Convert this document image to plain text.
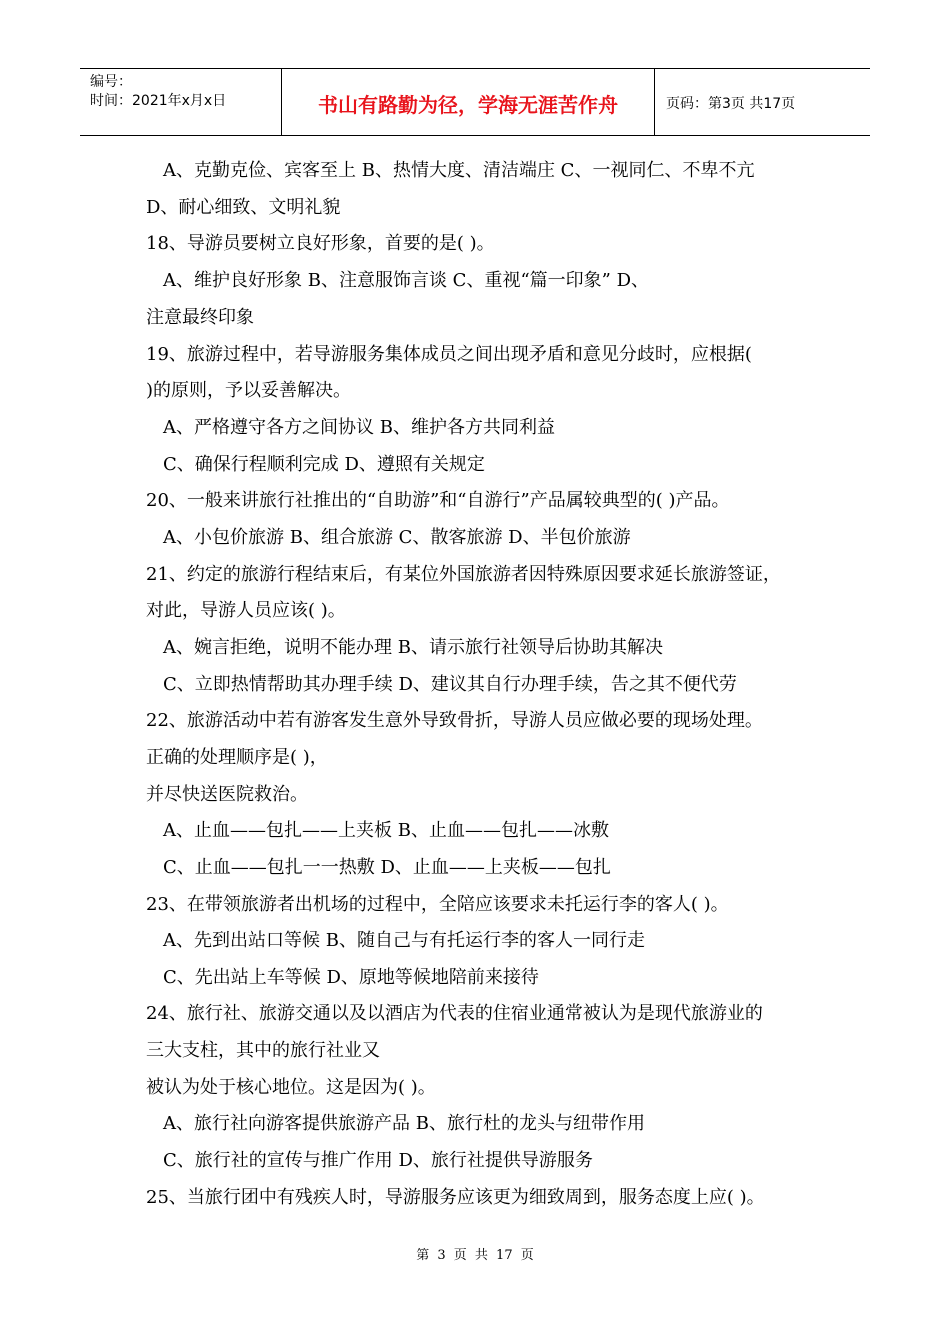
编号：
时间：2021年x月x日	书山有路勤为径，学海无涯苦作舟	页码：第3页 共17页
A、克勤克俭、宾客至上 B、热情大度、清洁端庄 C、一视同仁、不卑不亢
D、耐心细致、文明礼貌
18、导游员要树立良好形象，首要的是( )。
A、维护良好形象 B、注意服饰言谈 C、重视“篇一印象” D、
注意最终印象
19、旅游过程中，若导游服务集体成员之间出现矛盾和意见分歧时，应根据(
)的原则，予以妥善解决。
A、严格遵守各方之间协议 B、维护各方共同利益
C、确保行程顺利完成 D、遵照有关规定
20、一般来讲旅行社推出的“自助游”和“自游行”产品属较典型的( )产品。
A、小包价旅游 B、组合旅游 C、散客旅游 D、半包价旅游
21、约定的旅游行程结束后，有某位外国旅游者因特殊原因要求延长旅游签证，
对此，导游人员应该( )。
A、婉言拒绝，说明不能办理 B、请示旅行社领导后协助其解决
C、立即热情帮助其办理手续 D、建议其自行办理手续，告之其不便代劳
22、旅游活动中若有游客发生意外导致骨折，导游人员应做必要的现场处理。
正确的处理顺序是( )，
并尽快送医院救治。
A、止血——包扎——上夹板 B、止血——包扎——冰敷
C、止血——包扎一一热敷 D、止血——上夹板——包扎
23、在带领旅游者出机场的过程中，全陪应该要求未托运行李的客人( )。
A、先到出站口等候 B、随自己与有托运行李的客人一同行走
C、先出站上车等候 D、原地等候地陪前来接待
24、旅行社、旅游交通以及以酒店为代表的住宿业通常被认为是现代旅游业的
三大支柱，其中的旅行社业又
被认为处于核心地位。这是因为( )。
A、旅行社向游客提供旅游产品 B、旅行杜的龙头与纽带作用
C、旅行社的宣传与推广作用 D、旅行社提供导游服务
25、当旅行团中有残疾人时，导游服务应该更为细致周到，服务态度上应( )。
第 3 页 共 17 页
